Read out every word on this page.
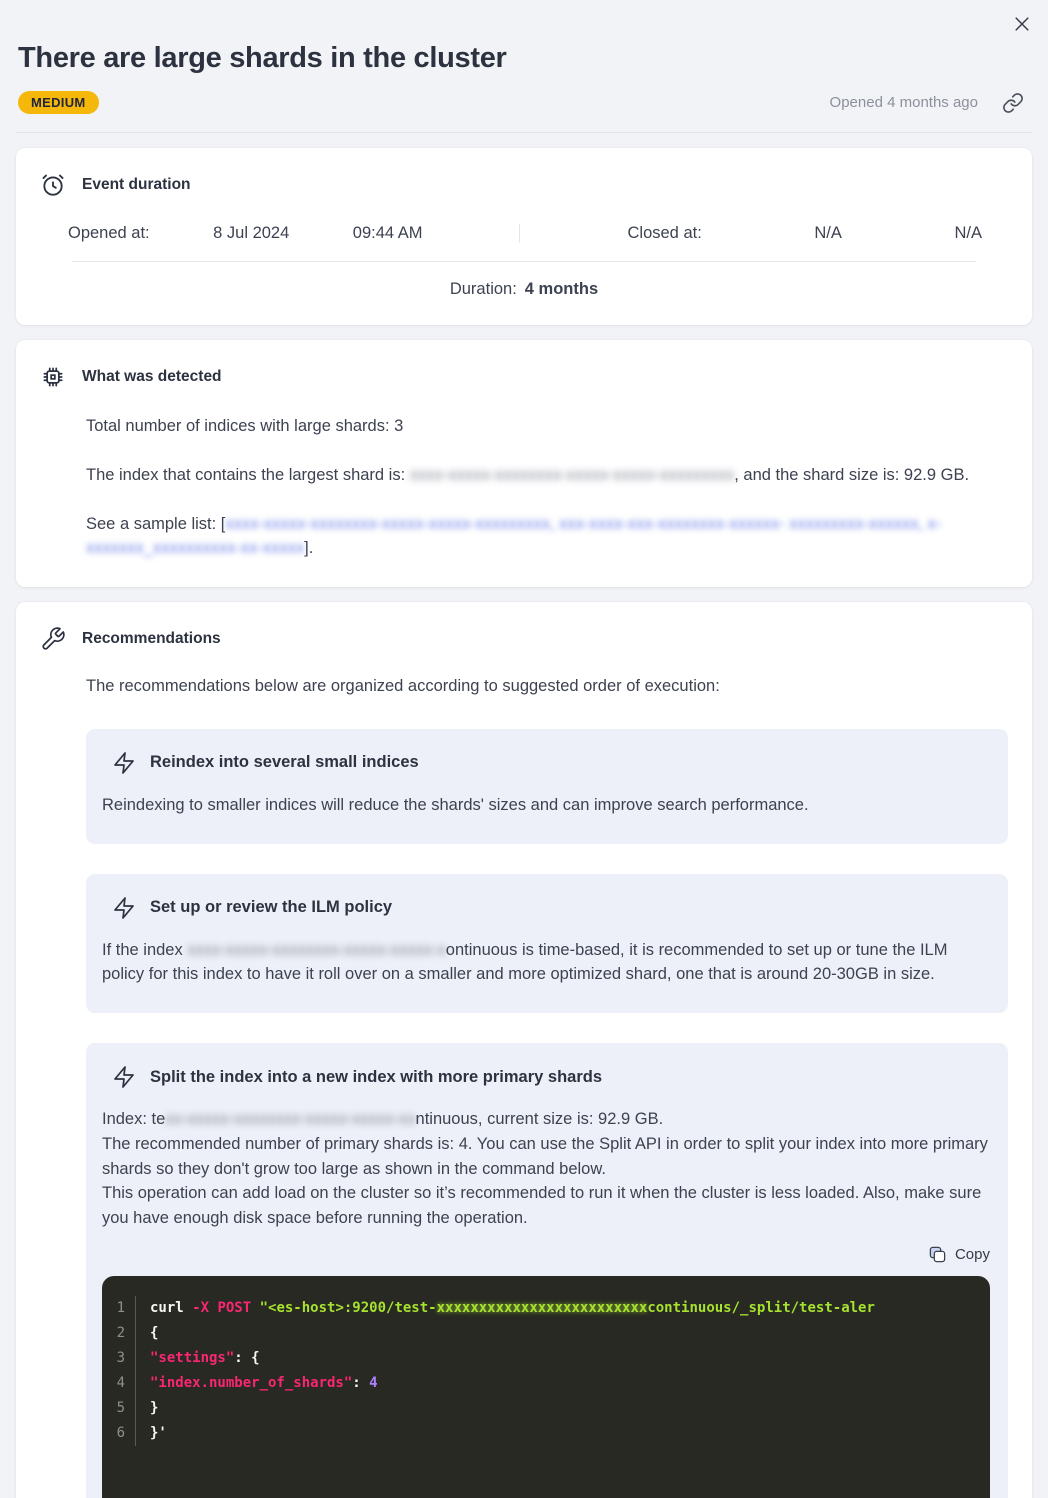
There are large shards in the cluster
MEDIUM	Opened 4 months ago
Event duration
Opened at:	8 Jul 2024	09:44 AM	Closed at:	N/A	N/A
Duration: 4 months
What was detected

Total number of indices with large shards: 3

The index that contains the largest shard is: xxxx-xxxxx-xxxxxxxx-xxxxx-xxxxx-xxxxxxxxx, and the shard size is: 92.9 GB.

See a sample list: [xxxx-xxxxx-xxxxxxxx-xxxxx-xxxxx-xxxxxxxxx, xxx-xxxx-xxx-xxxxxxxx-xxxxxx- xxxxxxxxx-xxxxxx, x-xxxxxxx_xxxxxxxxxx-xx-xxxxx].

Recommendations

The recommendations below are organized according to suggested order of execution:

Reindex into several small indices
Reindexing to smaller indices will reduce the shards' sizes and can improve search performance.
Set up or review the ILM policy
If the index xxxx-xxxxx-xxxxxxxx-xxxxx-xxxxx-xontinuous is time-based, it is recommended to set up or tune the ILM policy for this index to have it roll over on a smaller and more optimized shard, one that is around 20-30GB in size.
Split the index into a new index with more primary shards

Index: texx-xxxxx-xxxxxxxx-xxxxx-xxxxx-xxntinuous, current size is: 92.9 GB.

The recommended number of primary shards is: 4. You can use the Split API in order to split your index into more primary shards so they don't grow too large as shown in the command below.

This operation can add load on the cluster so it’s recommended to run it when the cluster is less loaded. Also, make sure you have enough disk space before running the operation.

Copy
1	curl -X POST "<es-host>:9200/test-xxxxxxxxxxxxxxxxxxxxxxxxxcontinuous/_split/test-aler
2	{
3	"settings": {
4	"index.number_of_shards": 4
5	}
6	}'
